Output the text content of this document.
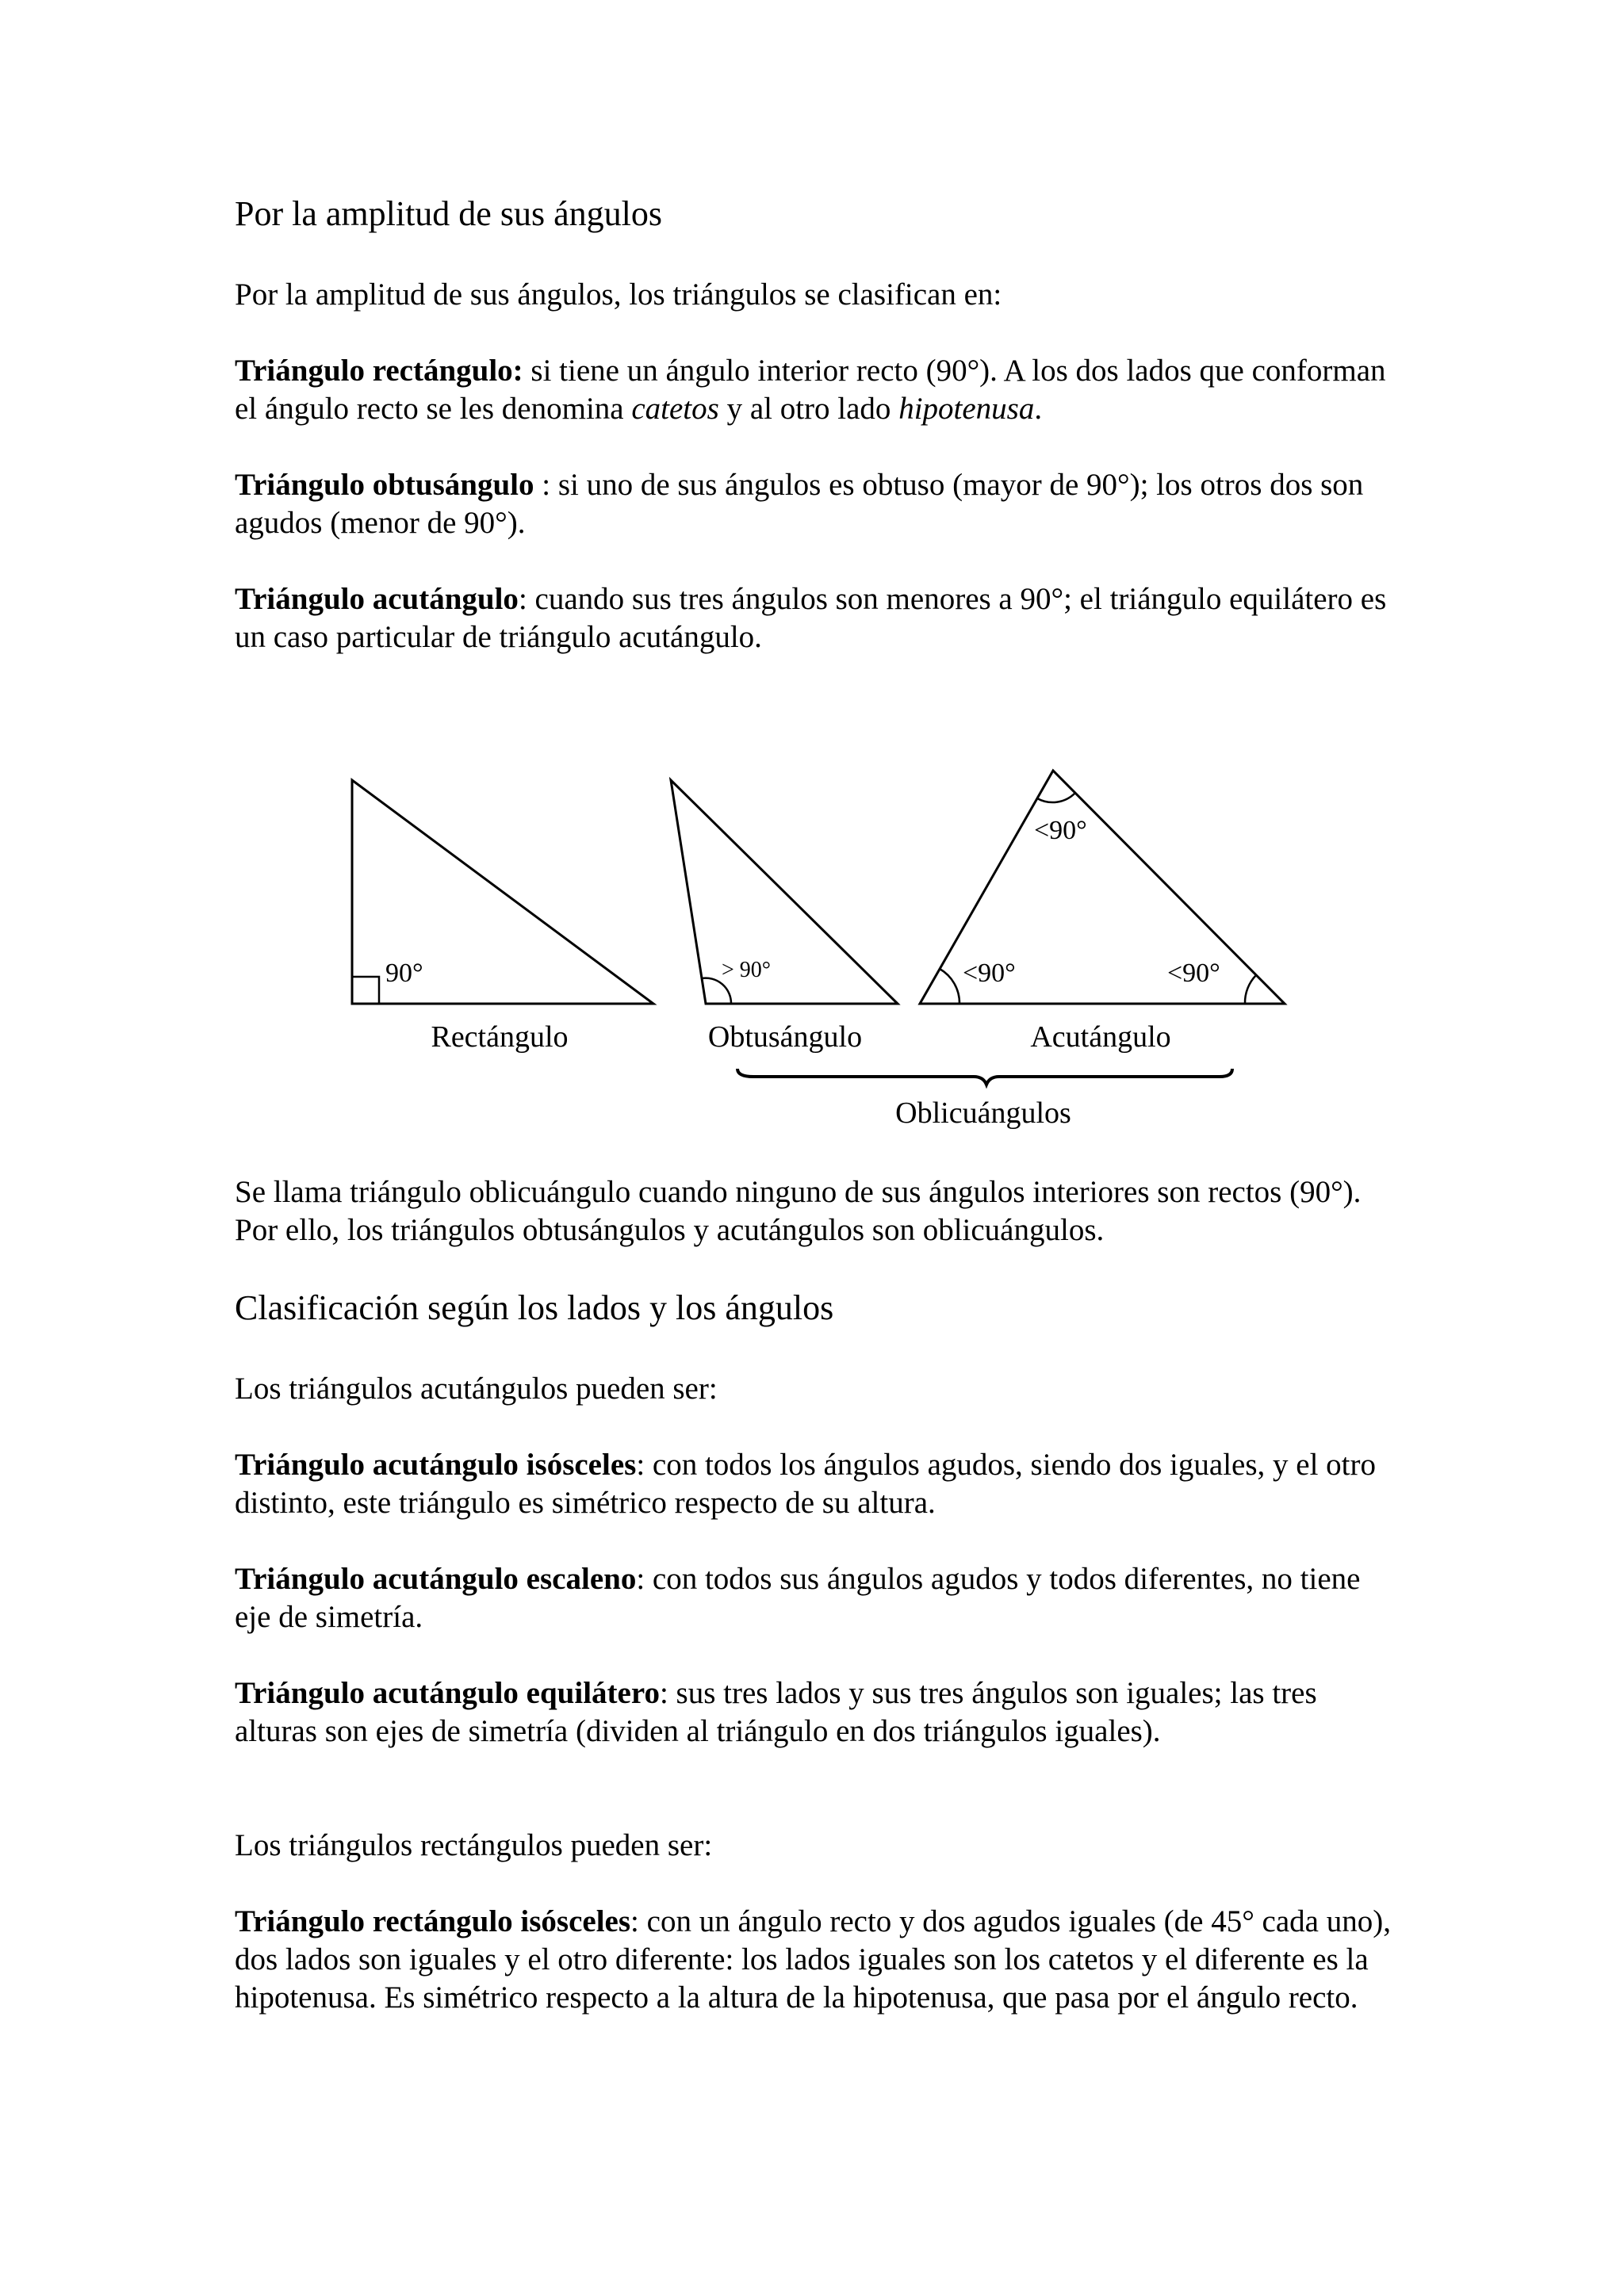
Por la amplitud de sus ángulos

Por la amplitud de sus ángulos, los triángulos se clasifican en:

Triángulo rectángulo: si tiene un ángulo interior recto (90°). A los dos lados que conforman el ángulo recto se les denomina catetos y al otro lado hipotenusa.

Triángulo obtusángulo : si uno de sus ángulos es obtuso (mayor de 90°); los otros dos son agudos (menor de 90°).

Triángulo acutángulo: cuando sus tres ángulos son menores a 90°; el triángulo equilátero es un caso particular de triángulo acutángulo.

90°	> 90°
<90°
<90°	<90°
Rectángulo	Obtusángulo	Acutángulo
Oblicuángulos

Se llama triángulo oblicuángulo cuando ninguno de sus ángulos interiores son rectos (90°). Por ello, los triángulos obtusángulos y acutángulos son oblicuángulos.

Clasificación según los lados y los ángulos

Los triángulos acutángulos pueden ser:

Triángulo acutángulo isósceles: con todos los ángulos agudos, siendo dos iguales, y el otro distinto, este triángulo es simétrico respecto de su altura.

Triángulo acutángulo escaleno: con todos sus ángulos agudos y todos diferentes, no tiene eje de simetría.

Triángulo acutángulo equilátero: sus tres lados y sus tres ángulos son iguales; las tres alturas son ejes de simetría (dividen al triángulo en dos triángulos iguales).

Los triángulos rectángulos pueden ser:

Triángulo rectángulo isósceles: con un ángulo recto y dos agudos iguales (de 45° cada uno), dos lados son iguales y el otro diferente: los lados iguales son los catetos y el diferente es la hipotenusa. Es simétrico respecto a la altura de la hipotenusa, que pasa por el ángulo recto.
